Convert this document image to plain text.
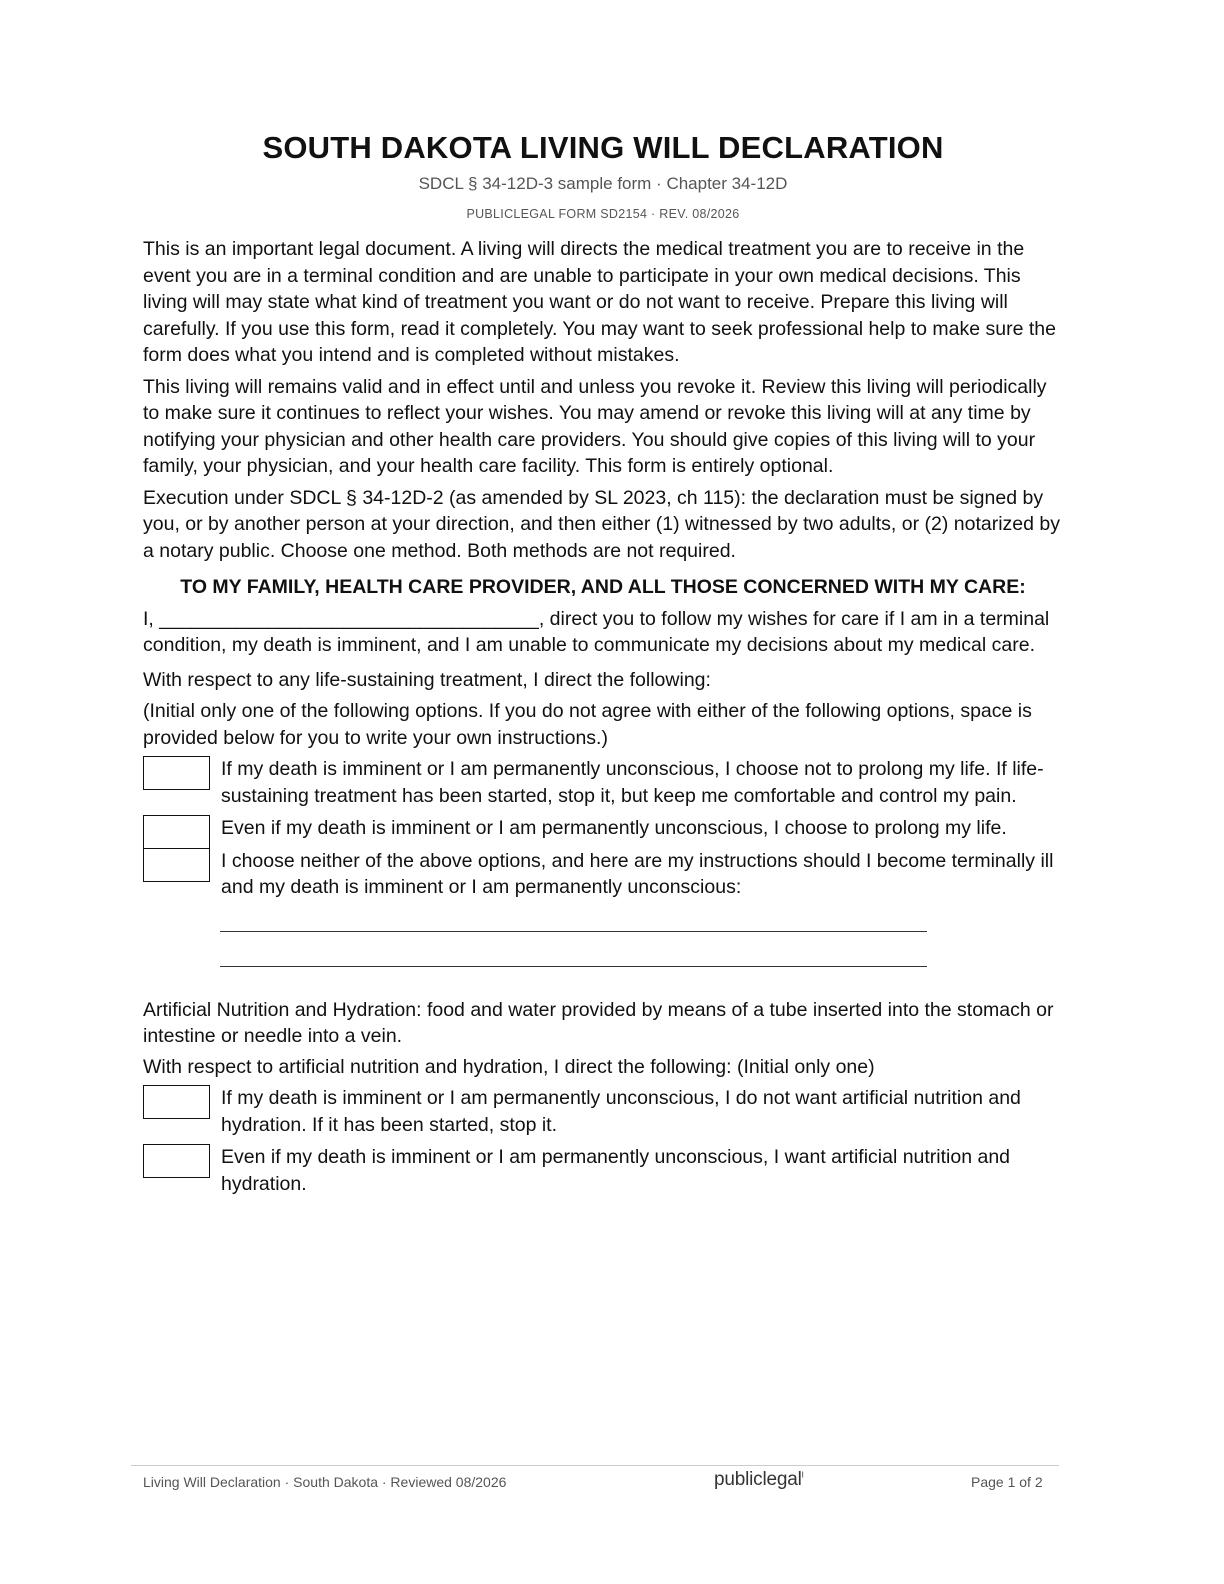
SOUTH DAKOTA LIVING WILL DECLARATION
SDCL § 34-12D-3 sample form · Chapter 34-12D
PUBLICLEGAL FORM SD2154 · REV. 08/2026

This is an important legal document. A living will directs the medical treatment you are to receive in the event you are in a terminal condition and are unable to participate in your own medical decisions. This living will may state what kind of treatment you want or do not want to receive. Prepare this living will carefully. If you use this form, read it completely. You may want to seek professional help to make sure the form does what you intend and is completed without mistakes.

This living will remains valid and in effect until and unless you revoke it. Review this living will periodically to make sure it continues to reflect your wishes. You may amend or revoke this living will at any time by notifying your physician and other health care providers. You should give copies of this living will to your family, your physician, and your health care facility. This form is entirely optional.

Execution under SDCL § 34-12D-2 (as amended by SL 2023, ch 115): the declaration must be signed by you, or by another person at your direction, and then either (1) witnessed by two adults, or (2) notarized by a notary public. Choose one method. Both methods are not required.

TO MY FAMILY, HEALTH CARE PROVIDER, AND ALL THOSE CONCERNED WITH MY CARE:

I, ___________________________________, direct you to follow my wishes for care if I am in a terminal condition, my death is imminent, and I am unable to communicate my decisions about my medical care.

With respect to any life-sustaining treatment, I direct the following:

(Initial only one of the following options. If you do not agree with either of the following options, space is provided below for you to write your own instructions.)

If my death is imminent or I am permanently unconscious, I choose not to prolong my life. If life-sustaining treatment has been started, stop it, but keep me comfortable and control my pain.
Even if my death is imminent or I am permanently unconscious, I choose to prolong my life.
I choose neither of the above options, and here are my instructions should I become terminally ill and my death is imminent or I am permanently unconscious:

Artificial Nutrition and Hydration: food and water provided by means of a tube inserted into the stomach or intestine or needle into a vein.

With respect to artificial nutrition and hydration, I direct the following: (Initial only one)

If my death is imminent or I am permanently unconscious, I do not want artificial nutrition and hydration. If it has been started, stop it.
Even if my death is imminent or I am permanently unconscious, I want artificial nutrition and hydration.
Living Will Declaration · South Dakota · Reviewed 08/2026	publiclegal$^I$	Page 1 of 2
